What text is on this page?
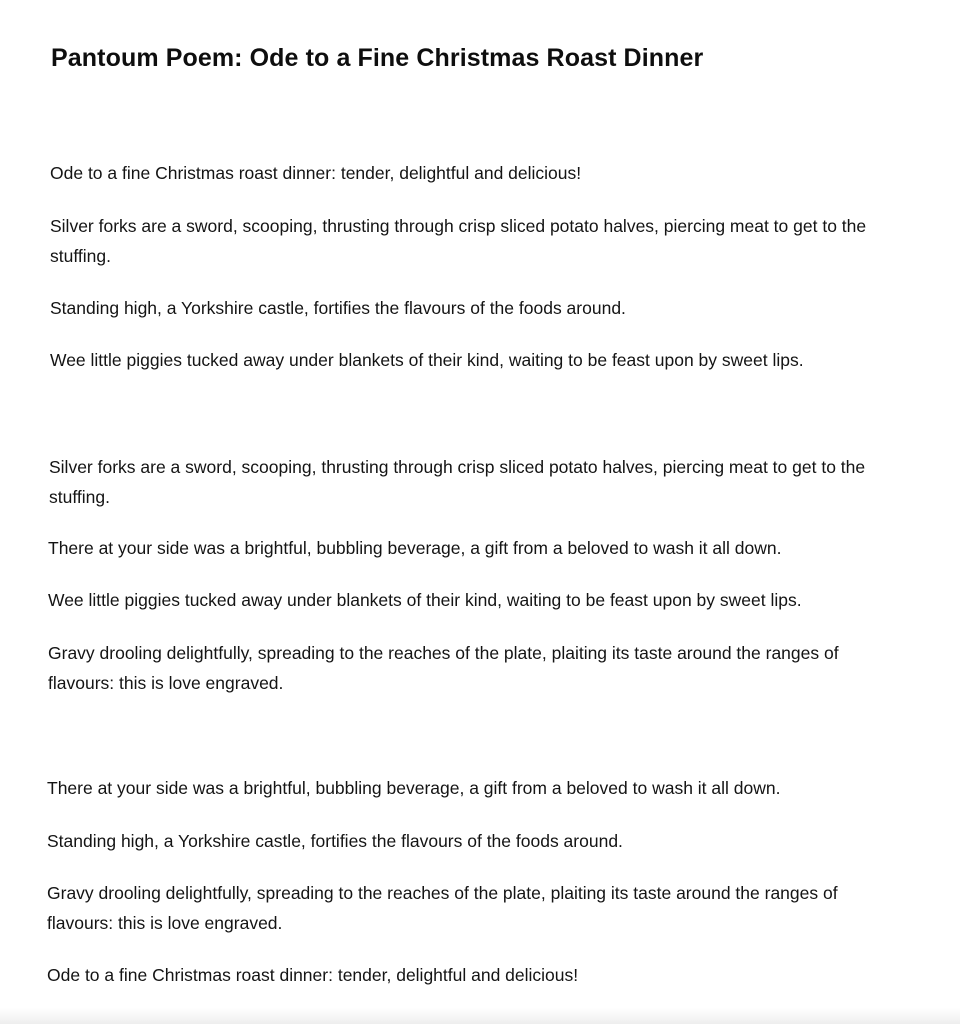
Pantoum Poem: Ode to a Fine Christmas Roast Dinner

Ode to a fine Christmas roast dinner: tender, delightful and delicious!

Silver forks are a sword, scooping, thrusting through crisp sliced potato halves, piercing meat to get to the stuffing.

Standing high, a Yorkshire castle, fortifies the flavours of the foods around.

Wee little piggies tucked away under blankets of their kind, waiting to be feast upon by sweet lips.

Silver forks are a sword, scooping, thrusting through crisp sliced potato halves, piercing meat to get to the stuffing.

There at your side was a brightful, bubbling beverage, a gift from a beloved to wash it all down.

Wee little piggies tucked away under blankets of their kind, waiting to be feast upon by sweet lips.

Gravy drooling delightfully, spreading to the reaches of the plate, plaiting its taste around the ranges of flavours: this is love engraved.

There at your side was a brightful, bubbling beverage, a gift from a beloved to wash it all down.

Standing high, a Yorkshire castle, fortifies the flavours of the foods around.

Gravy drooling delightfully, spreading to the reaches of the plate, plaiting its taste around the ranges of flavours: this is love engraved.

Ode to a fine Christmas roast dinner: tender, delightful and delicious!
